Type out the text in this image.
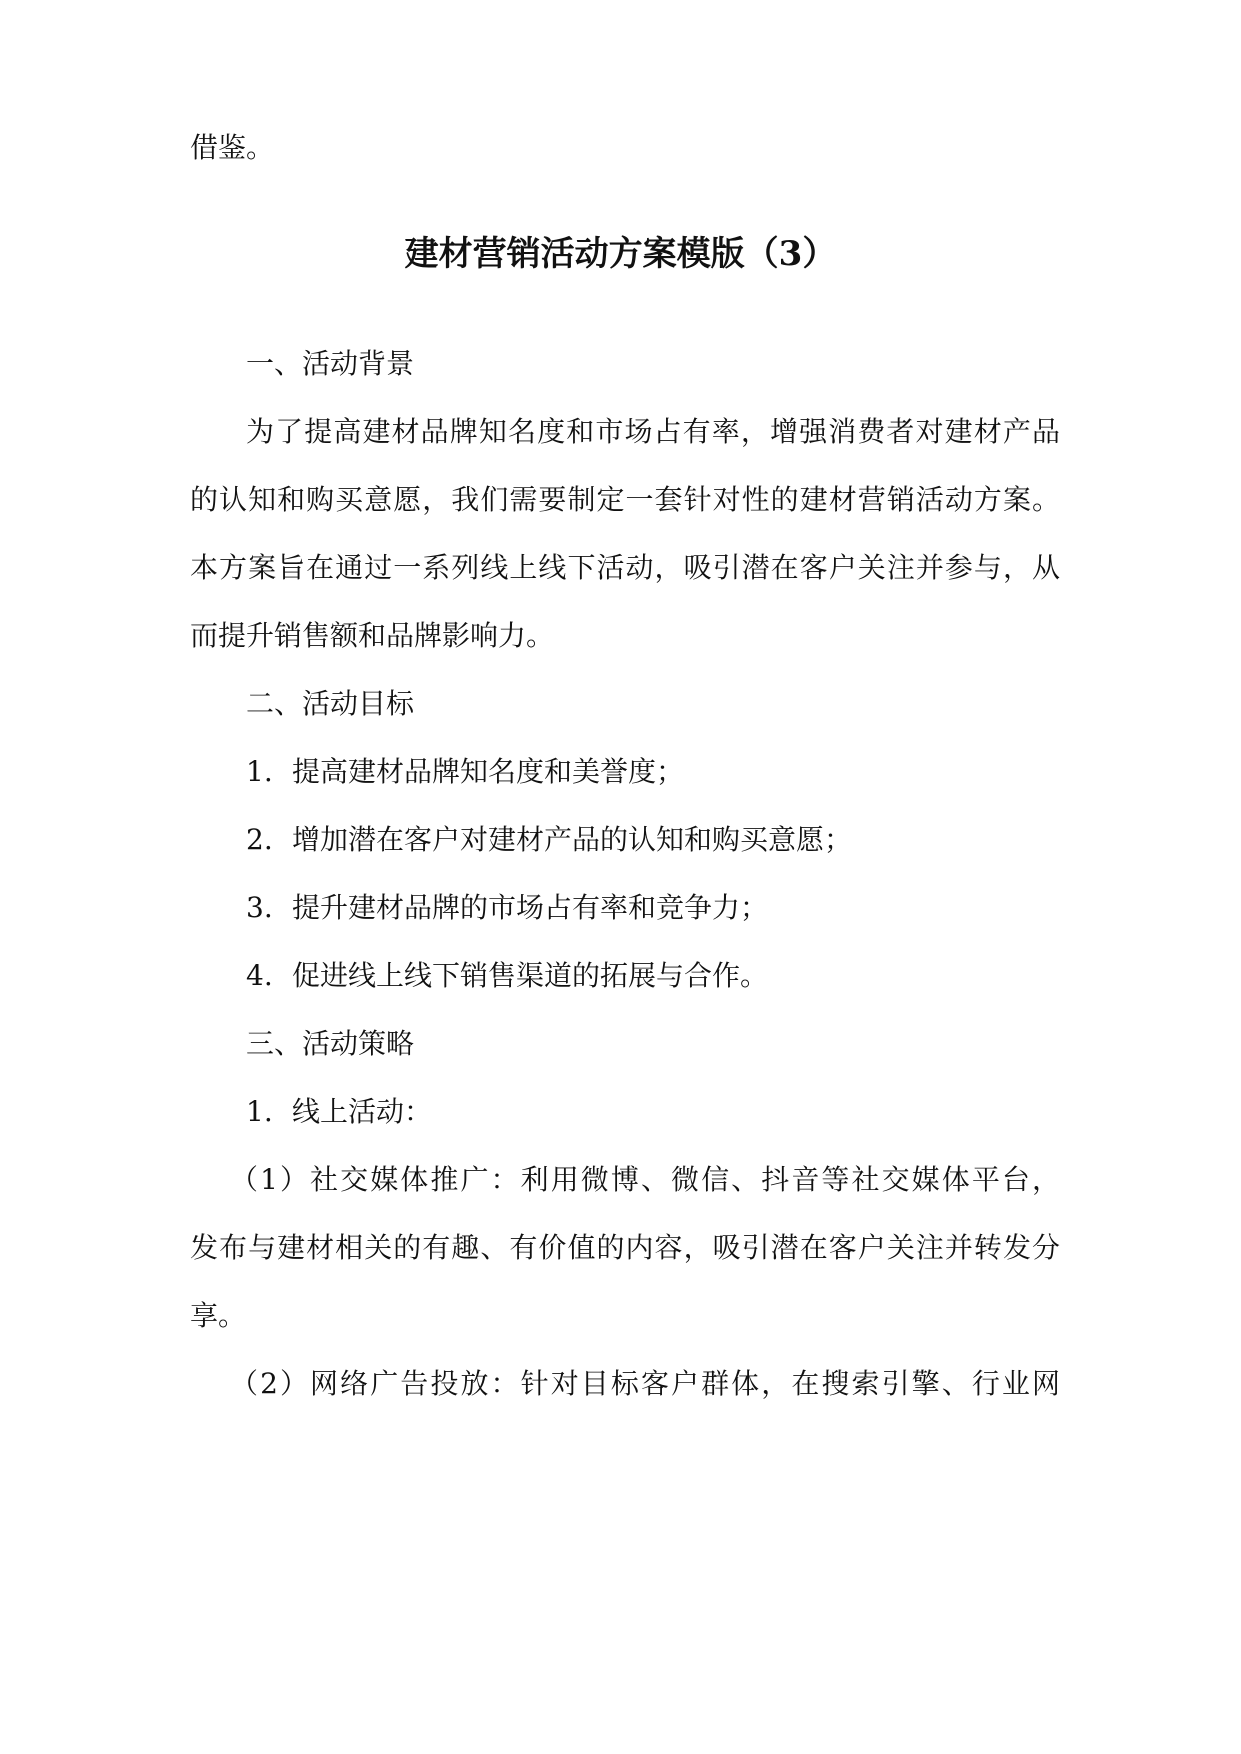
借鉴。

建材营销活动方案模版（3）

一、活动背景

为了提高建材品牌知名度和市场占有率，增强消费者对建材产品

的认知和购买意愿，我们需要制定一套针对性的建材营销活动方案。

本方案旨在通过一系列线上线下活动，吸引潜在客户关注并参与，从

而提升销售额和品牌影响力。

二、活动目标

1. 提高建材品牌知名度和美誉度；

2. 增加潜在客户对建材产品的认知和购买意愿；

3. 提升建材品牌的市场占有率和竞争力；

4. 促进线上线下销售渠道的拓展与合作。

三、活动策略

1. 线上活动：

（1）社交媒体推广：利用微博、微信、抖音等社交媒体平台，

发布与建材相关的有趣、有价值的内容，吸引潜在客户关注并转发分

享。

（2）网络广告投放：针对目标客户群体，在搜索引擎、行业网
